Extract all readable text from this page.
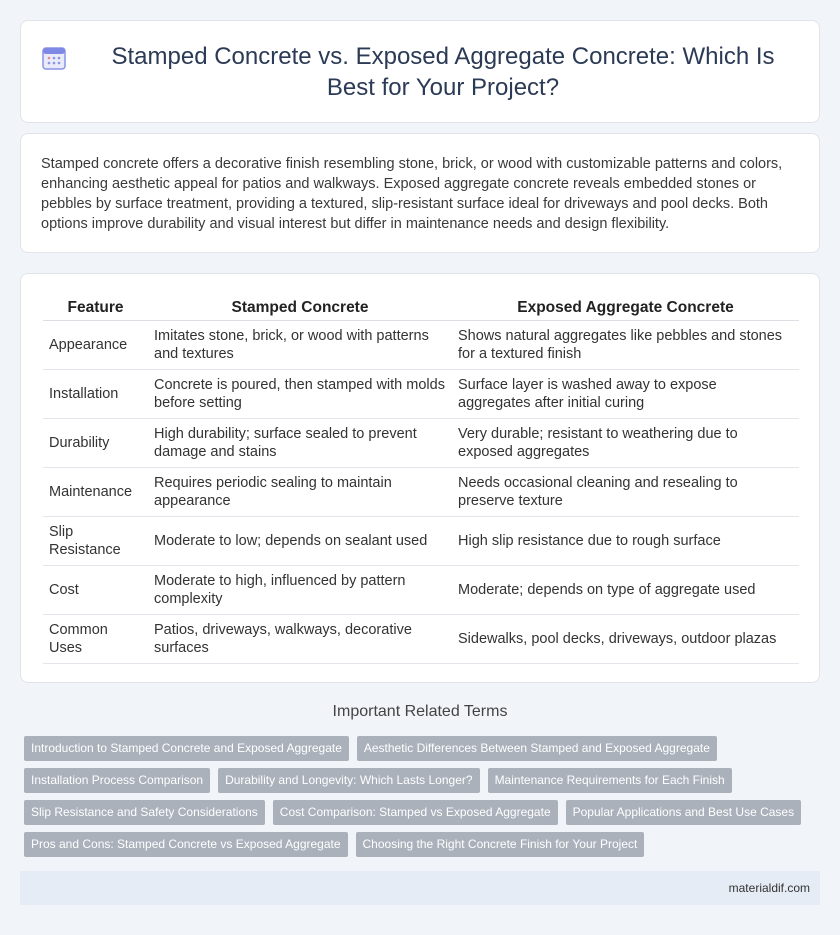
Stamped Concrete vs. Exposed Aggregate Concrete: Which Is Best for Your Project?

Stamped concrete offers a decorative finish resembling stone, brick, or wood with customizable patterns and colors, enhancing aesthetic appeal for patios and walkways. Exposed aggregate concrete reveals embedded stones or pebbles by surface treatment, providing a textured, slip-resistant surface ideal for driveways and pool decks. Both options improve durability and visual interest but differ in maintenance needs and design flexibility.

Feature	Stamped Concrete	Exposed Aggregate Concrete
Appearance	Imitates stone, brick, or wood with patterns and textures	Shows natural aggregates like pebbles and stones for a textured finish
Installation	Concrete is poured, then stamped with molds before setting	Surface layer is washed away to expose aggregates after initial curing
Durability	High durability; surface sealed to prevent damage and stains	Very durable; resistant to weathering due to exposed aggregates
Maintenance	Requires periodic sealing to maintain appearance	Needs occasional cleaning and resealing to preserve texture
Slip Resistance	Moderate to low; depends on sealant used	High slip resistance due to rough surface
Cost	Moderate to high, influenced by pattern complexity	Moderate; depends on type of aggregate used
Common Uses	Patios, driveways, walkways, decorative surfaces	Sidewalks, pool decks, driveways, outdoor plazas
Important Related Terms
Introduction to Stamped Concrete and Exposed Aggregate	Aesthetic Differences Between Stamped and Exposed Aggregate
Installation Process Comparison	Durability and Longevity: Which Lasts Longer?	Maintenance Requirements for Each Finish
Slip Resistance and Safety Considerations	Cost Comparison: Stamped vs Exposed Aggregate	Popular Applications and Best Use Cases
Pros and Cons: Stamped Concrete vs Exposed Aggregate	Choosing the Right Concrete Finish for Your Project
materialdif.com
